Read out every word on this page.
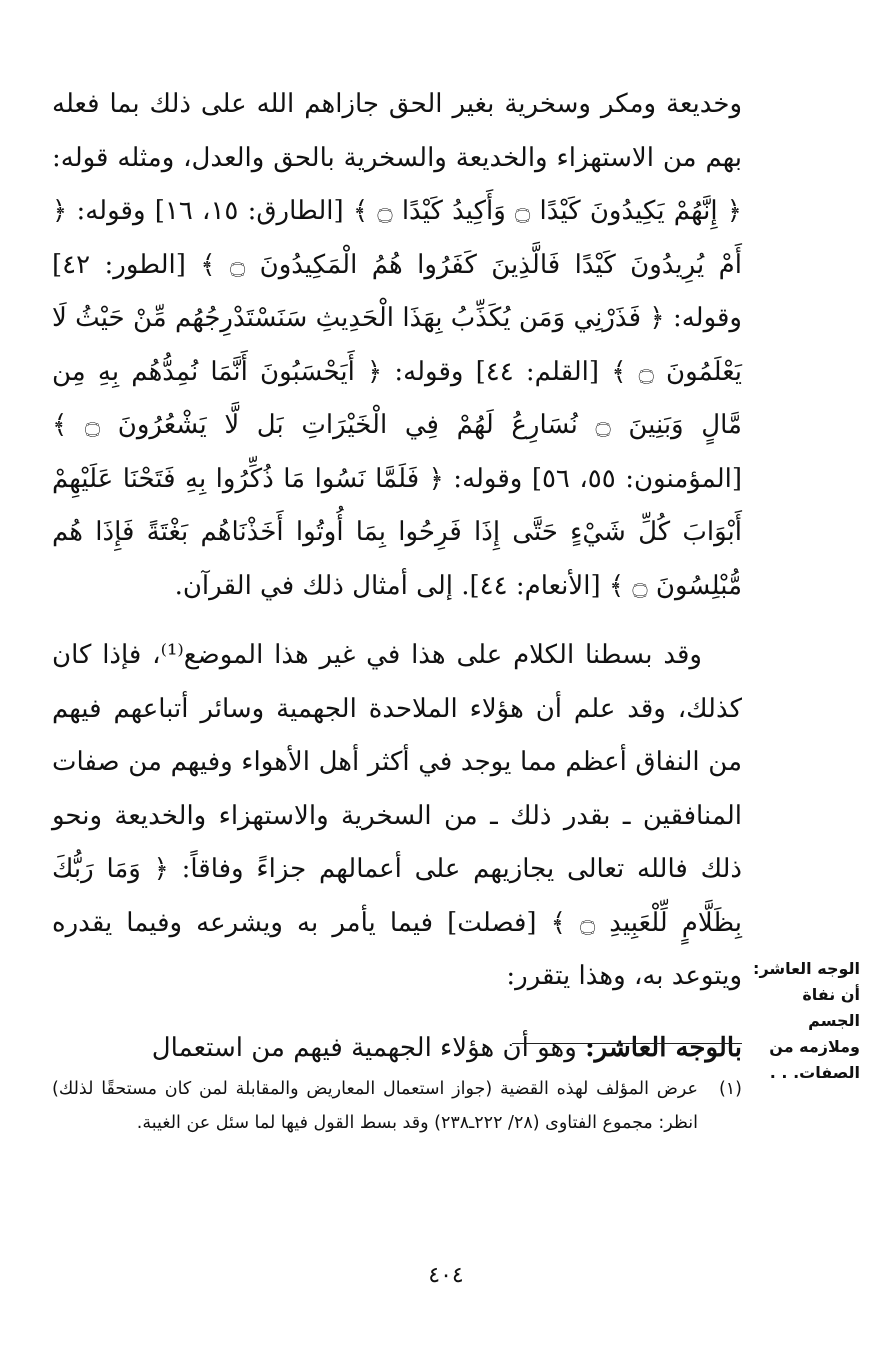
وخديعة ومكر وسخرية بغير الحق جازاهم الله على ذلك بما فعله بهم من الاستهزاء والخديعة والسخرية بالحق والعدل، ومثله قوله: ﴿ إِنَّهُمْ يَكِيدُونَ كَيْدًا ۝ وَأَكِيدُ كَيْدًا ۝ ﴾ [الطارق: ١٥، ١٦] وقوله: ﴿ أَمْ يُرِيدُونَ كَيْدًا فَالَّذِينَ كَفَرُوا هُمُ الْمَكِيدُونَ ۝ ﴾ [الطور: ٤٢] وقوله: ﴿ فَذَرْنِي وَمَن يُكَذِّبُ بِهَذَا الْحَدِيثِ سَنَسْتَدْرِجُهُم مِّنْ حَيْثُ لَا يَعْلَمُونَ ۝ ﴾ [القلم: ٤٤] وقوله: ﴿ أَيَحْسَبُونَ أَنَّمَا نُمِدُّهُم بِهِ مِن مَّالٍ وَبَنِينَ ۝ نُسَارِعُ لَهُمْ فِي الْخَيْرَاتِ بَل لَّا يَشْعُرُونَ ۝ ﴾ [المؤمنون: ٥٥، ٥٦] وقوله: ﴿ فَلَمَّا نَسُوا مَا ذُكِّرُوا بِهِ فَتَحْنَا عَلَيْهِمْ أَبْوَابَ كُلِّ شَيْءٍ حَتَّى إِذَا فَرِحُوا بِمَا أُوتُوا أَخَذْنَاهُم بَغْتَةً فَإِذَا هُم مُّبْلِسُونَ ۝ ﴾ [الأنعام: ٤٤]. إلى أمثال ذلك في القرآن.

وقد بسطنا الكلام على هذا في غير هذا الموضع⁽¹⁾، فإذا كان كذلك، وقد علم أن هؤلاء الملاحدة الجهمية وسائر أتباعهم فيهم من النفاق أعظم مما يوجد في أكثر أهل الأهواء وفيهم من صفات المنافقين ـ بقدر ذلك ـ من السخرية والاستهزاء والخديعة ونحو ذلك فالله تعالى يجازيهم على أعمالهم جزاءً وفاقاً: ﴿ وَمَا رَبُّكَ بِظَلَّامٍ لِّلْعَبِيدِ ۝ ﴾ [فصلت] فيما يأمر به ويشرعه وفيما يقدره ويتوعد به، وهذا يتقرر:

بالوجه العاشر: وهو أن هؤلاء الجهمية فيهم من استعمال

الوجه العاشر:
أن نفاة الجسم
وملازمه من
الصفات. . .
(١)
عرض المؤلف لهذه القضية (جواز استعمال المعاريض والمقابلة لمن كان مستحقًا لذلك) انظر: مجموع الفتاوى (٢٨/ ٢٢٢ـ٢٣٨) وقد بسط القول فيها لما سئل عن الغيبة.
٤٠٤
